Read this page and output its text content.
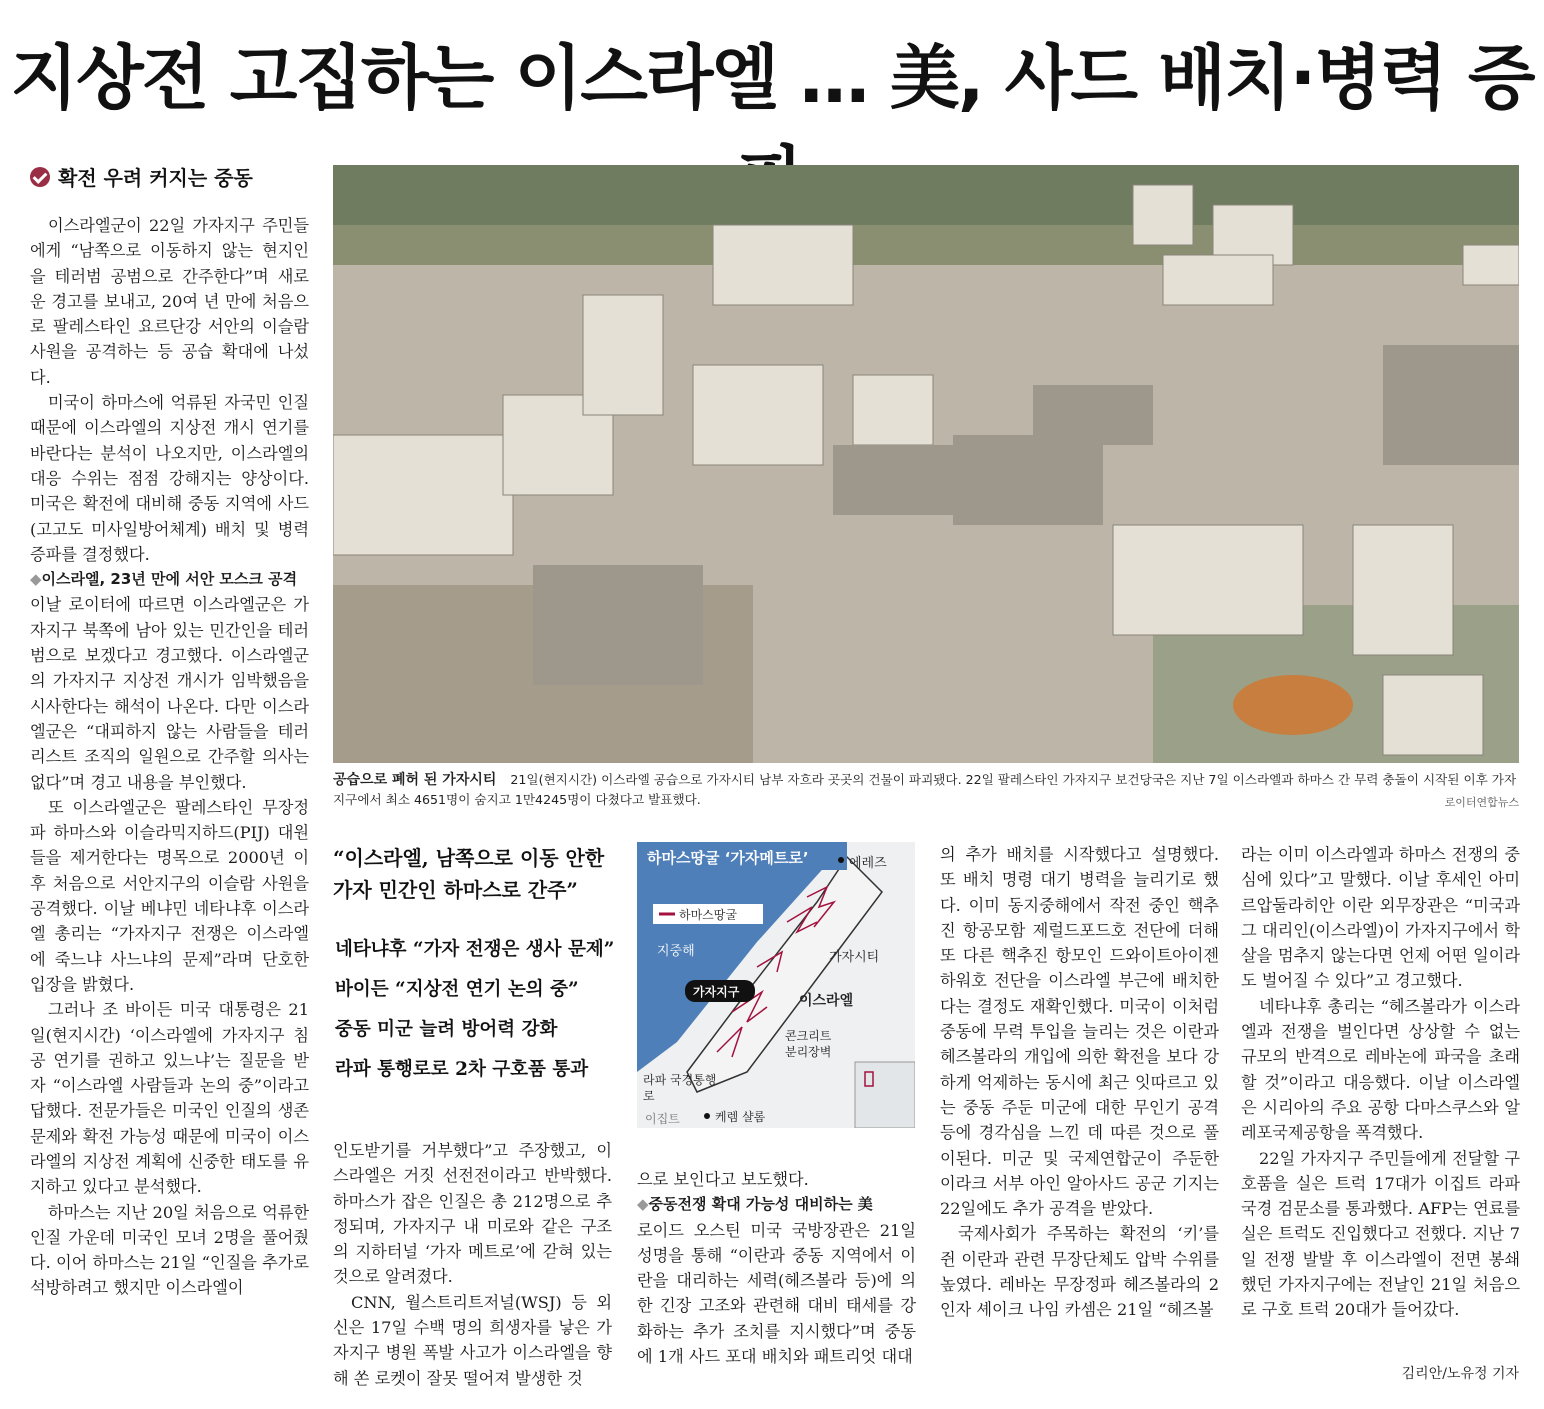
지상전 고집하는 이스라엘 … 美, 사드 배치·병력 증
확전 우려 커지는 중동

이스라엘군이 22일 가자지구 주민들에게 “남쪽으로 이동하지 않는 현지인을 테러범 공범으로 간주한다”며 새로운 경고를 보내고, 20여 년 만에 처음으로 팔레스타인 요르단강 서안의 이슬람 사원을 공격하는 등 공습 확대에 나섰다.

미국이 하마스에 억류된 자국민 인질 때문에 이스라엘의 지상전 개시 연기를 바란다는 분석이 나오지만, 이스라엘의 대응 수위는 점점 강해지는 양상이다. 미국은 확전에 대비해 중동 지역에 사드(고고도 미사일방어체계) 배치 및 병력 증파를 결정했다.

◆이스라엘, 23년 만에 서안 모스크 공격

이날 로이터에 따르면 이스라엘군은 가자지구 북쪽에 남아 있는 민간인을 테러범으로 보겠다고 경고했다. 이스라엘군의 가자지구 지상전 개시가 임박했음을 시사한다는 해석이 나온다. 다만 이스라엘군은 “대피하지 않는 사람들을 테러리스트 조직의 일원으로 간주할 의사는 없다”며 경고 내용을 부인했다.

또 이스라엘군은 팔레스타인 무장정파 하마스와 이슬라믹지하드(PIJ) 대원들을 제거한다는 명목으로 2000년 이후 처음으로 서안지구의 이슬람 사원을 공격했다. 이날 베냐민 네타냐후 이스라엘 총리는 “가자지구 전쟁은 이스라엘에 죽느냐 사느냐의 문제”라며 단호한 입장을 밝혔다.

그러나 조 바이든 미국 대통령은 21일(현지시간) ‘이스라엘에 가자지구 침공 연기를 권하고 있느냐’는 질문을 받자 “이스라엘 사람들과 논의 중”이라고 답했다. 전문가들은 미국인 인질의 생존 문제와 확전 가능성 때문에 미국이 이스라엘의 지상전 계획에 신중한 태도를 유지하고 있다고 분석했다.

하마스는 지난 20일 처음으로 억류한 인질 가운데 미국인 모녀 2명을 풀어줬다. 이어 하마스는 21일 “인질을 추가로 석방하려고 했지만 이스라엘이

공습으로 폐허 된 가자시티 21일(현지시간) 이스라엘 공습으로 가자시티 남부 자흐라 곳곳의 건물이 파괴됐다. 22일 팔레스타인 가자지구 보건당국은 지난 7일 이스라엘과 하마스 간 무력 충돌이 시작된 이후 가자지구에서 최소 4651명이 숨지고 1만4245명이 다쳤다고 발표했다.	로이터연합뉴스
“이스라엘, 남쪽으로 이동 안한 가자 민간인 하마스로 간주”
네타냐후 “가자 전쟁은 생사 문제”
바이든 “지상전 연기 논의 중”
중동 미군 늘려 방어력 강화
라파 통행로로 2차 구호품 통과

인도받기를 거부했다”고 주장했고, 이스라엘은 거짓 선전전이라고 반박했다. 하마스가 잡은 인질은 총 212명으로 추정되며, 가자지구 내 미로와 같은 구조의 지하터널 ‘가자 메트로’에 갇혀 있는 것으로 알려졌다.

CNN, 월스트리트저널(WSJ) 등 외신은 17일 수백 명의 희생자를 낳은 가자지구 병원 폭발 사고가 이스라엘을 향해 쏜 로켓이 잘못 떨어져 발생한 것

하마스땅굴 ‘가자메트로’
하마스땅굴
에레즈
가자시티
지중해
가자지구
이스라엘
콘크리트 분리장벽
라파 국경통행로
이집트	케렘 샬롬

으로 보인다고 보도했다.

◆중동전쟁 확대 가능성 대비하는 美

로이드 오스틴 미국 국방장관은 21일 성명을 통해 “이란과 중동 지역에서 이란을 대리하는 세력(헤즈볼라 등)에 의한 긴장 고조와 관련해 대비 태세를 강화하는 추가 조치를 지시했다”며 중동에 1개 사드 포대 배치와 패트리엇 대대

의 추가 배치를 시작했다고 설명했다. 또 배치 명령 대기 병력을 늘리기로 했다. 이미 동지중해에서 작전 중인 핵추진 항공모함 제럴드포드호 전단에 더해 또 다른 핵추진 항모인 드와이트아이젠하워호 전단을 이스라엘 부근에 배치한다는 결정도 재확인했다. 미국이 이처럼 중동에 무력 투입을 늘리는 것은 이란과 헤즈볼라의 개입에 의한 확전을 보다 강하게 억제하는 동시에 최근 잇따르고 있는 중동 주둔 미군에 대한 무인기 공격 등에 경각심을 느낀 데 따른 것으로 풀이된다. 미군 및 국제연합군이 주둔한 이라크 서부 아인 알아사드 공군 기지는 22일에도 추가 공격을 받았다.

국제사회가 주목하는 확전의 ‘키’를 쥔 이란과 관련 무장단체도 압박 수위를 높였다. 레바논 무장정파 헤즈볼라의 2인자 셰이크 나임 카셈은 21일 “헤즈볼

라는 이미 이스라엘과 하마스 전쟁의 중심에 있다”고 말했다. 이날 후세인 아미르압둘라히안 이란 외무장관은 “미국과 그 대리인(이스라엘)이 가자지구에서 학살을 멈추지 않는다면 언제 어떤 일이라도 벌어질 수 있다”고 경고했다.

네타냐후 총리는 “헤즈볼라가 이스라엘과 전쟁을 벌인다면 상상할 수 없는 규모의 반격으로 레바논에 파국을 초래할 것”이라고 대응했다. 이날 이스라엘은 시리아의 주요 공항 다마스쿠스와 알레포국제공항을 폭격했다.

22일 가자지구 주민들에게 전달할 구호품을 실은 트럭 17대가 이집트 라파 국경 검문소를 통과했다. AFP는 연료를 실은 트럭도 진입했다고 전했다. 지난 7일 전쟁 발발 후 이스라엘이 전면 봉쇄했던 가자지구에는 전날인 21일 처음으로 구호 트럭 20대가 들어갔다.

김리안/노유정 기자
